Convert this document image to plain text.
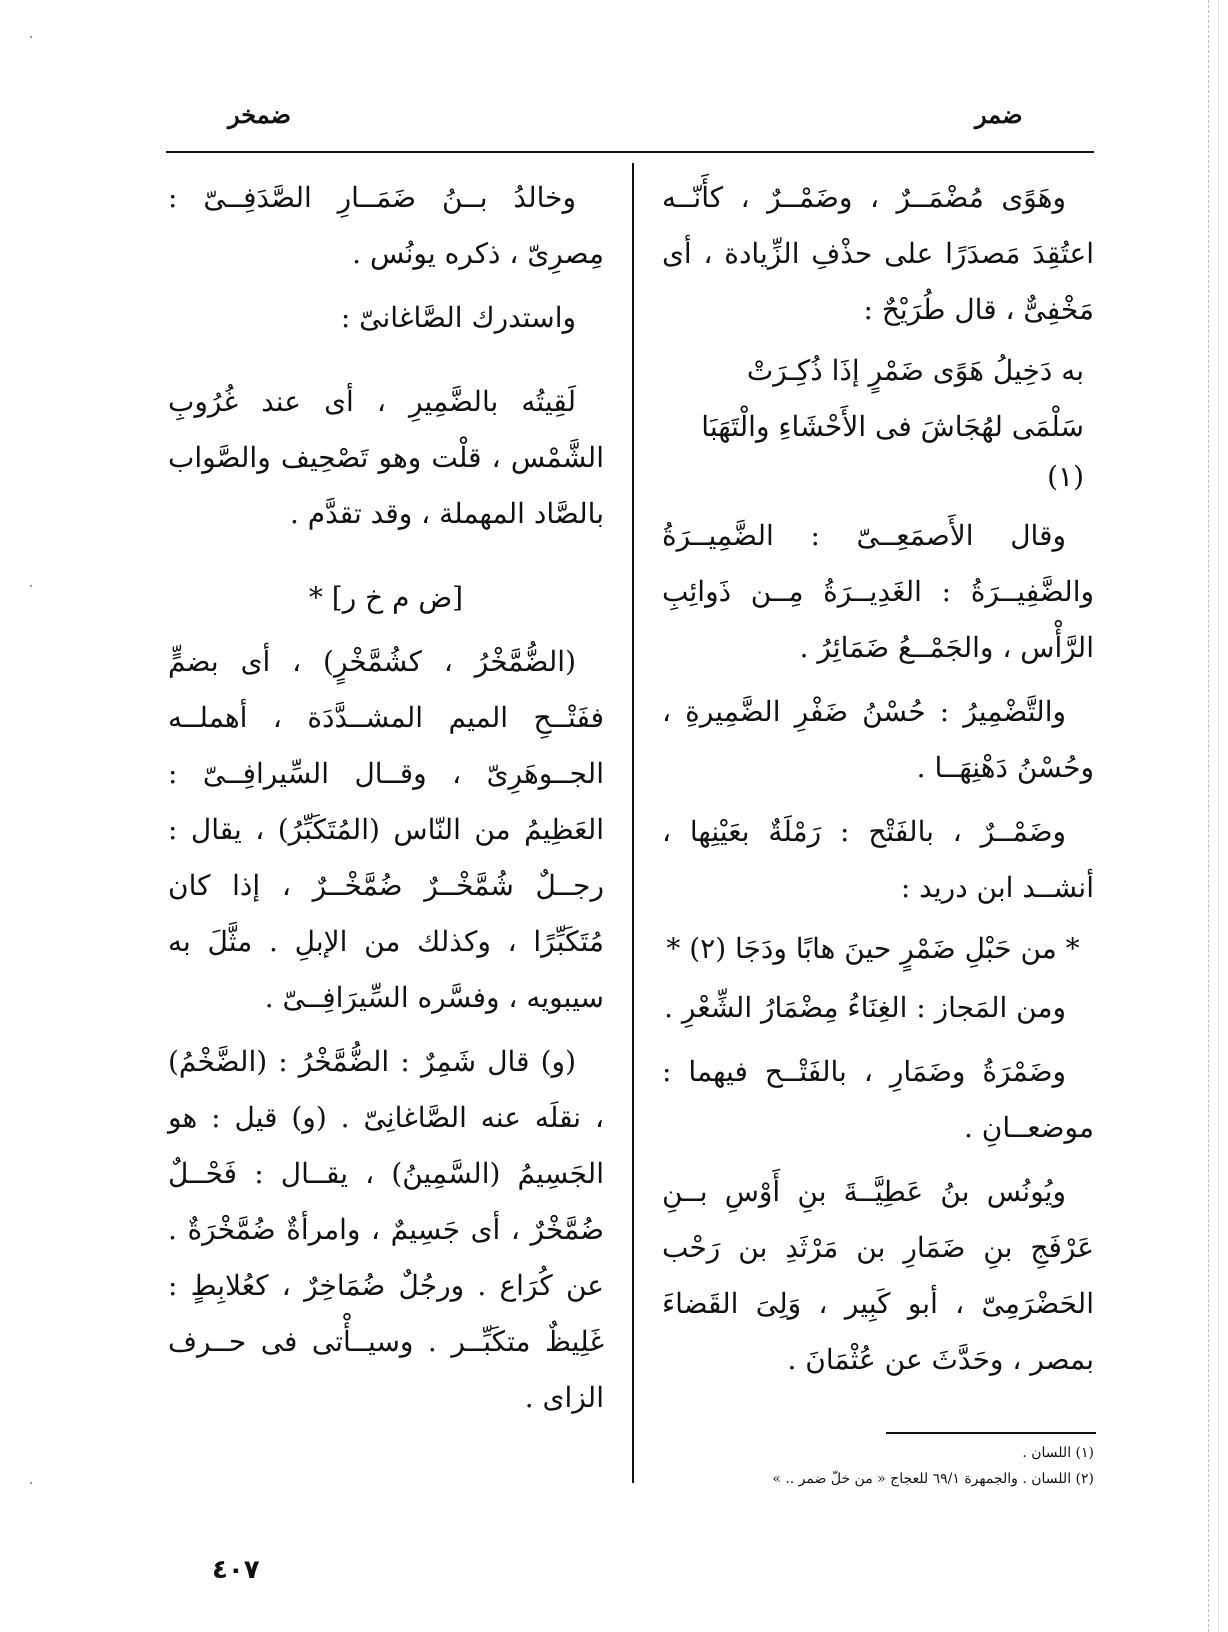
ضمر
ضمخر

وهَوًى مُضْمَــرٌ ، وضَمْــرٌ ، كأَنّــه اعتُقِدَ مَصدَرًا على حذْفِ الزِّيادة ، أى مَخْفِىٌّ ، قال طُرَيْحٌ :

به دَخِيلُ هَوًى ضَمْرٍ إذَا ذُكِـرَتْ
سَلْمَى لهُجَاشَ فى الأَحْشَاءِ والْتَهَبَا (١)

وقال الأَصمَعِــىّ : الضَّمِيــرَةُ والضَّفِيــرَةُ : الغَدِيــرَةُ مِــن ذَوائِبِ الرَّأْس ، والجَمْــعُ ضَمَائِرُ .

والتَّضْمِيرُ : حُسْنُ ضَفْرِ الضَّمِيرةِ ، وحُسْنُ دَهْنِهَــا .

وضَمْــرٌ ، بالفَتْح : رَمْلَةٌ بعَيْنِها ، أنشــد ابن دريد :

* من حَبْلِ ضَمْرٍ حينَ هابًا ودَجَا (٢) *

ومن المَجاز : الغِنَاءُ مِضْمَارُ الشِّعْرِ .

وضَمْرَةُ وضَمَارِ ، بالفَتْــح فيهما : موضعــانِ .

ويُونُس بنُ عَطِيَّــةَ بنِ أَوْسِ بــنِ عَرْفَجِ بنِ ضَمَارِ بن مَرْثَدِ بن رَحْب الحَضْرَمِىّ ، أبو كَبِير ، وَلِىَ القَضاءَ بمصر ، وحَدَّثَ عن عُثْمَانَ .

وخالدُ بــنُ ضَمَــارِ الصَّدَفِــىّ : مِصرِىّ ، ذكره يونُس .

واستدرك الصَّاغانىّ :

لَقِيتُه بالضَّمِيرِ ، أى عند غُرُوبِ الشَّمْس ، قلْت وهو تَصْحِيف والصَّواب بالصَّاد المهملة ، وقد تقدَّم .

[ض م خ ر] *

(الضُّمَّخْرُ ، كشُمَّخْرٍ) ، أى بضمٍّ ففَتْــحِ الميم المشــدَّدَة ، أهملــه الجــوهَرِىّ ، وقــال السِّيرافِــىّ : العَظِيمُ من النّاس (المُتَكَبِّرُ) ، يقال : رجــلٌ شُمَّخْــرٌ ضُمَّخْــرٌ ، إذا كان مُتَكَبِّرًا ، وكذلك من الإبلِ . مثَّلَ به سيبويه ، وفسَّره السِّيرَافِــىّ .

(و) قال شَمِرٌ : الضُّمَّخْرُ : (الضَّخْمُ) ، نقلَه عنه الصَّاغانِىّ . (و) قيل : هو الجَسِيمُ (السَّمِينُ) ، يقــال : فَحْــلٌ ضُمَّخْرٌ ، أى جَسِيمٌ ، وامرأةٌ ضُمَّخْرَةٌ . عن كُرَاع . ورجُلٌ ضُمَاخِرٌ ، كعُلابِطٍ : غَلِيظٌ متكَبِّــر . وسيــأْتى فى حــرف الزاى .

(١) اللسان .
(٢) اللسان . والجمهرة ٦٩/١ للعجاج « من خلّ ضمر .. »
٤٠٧
